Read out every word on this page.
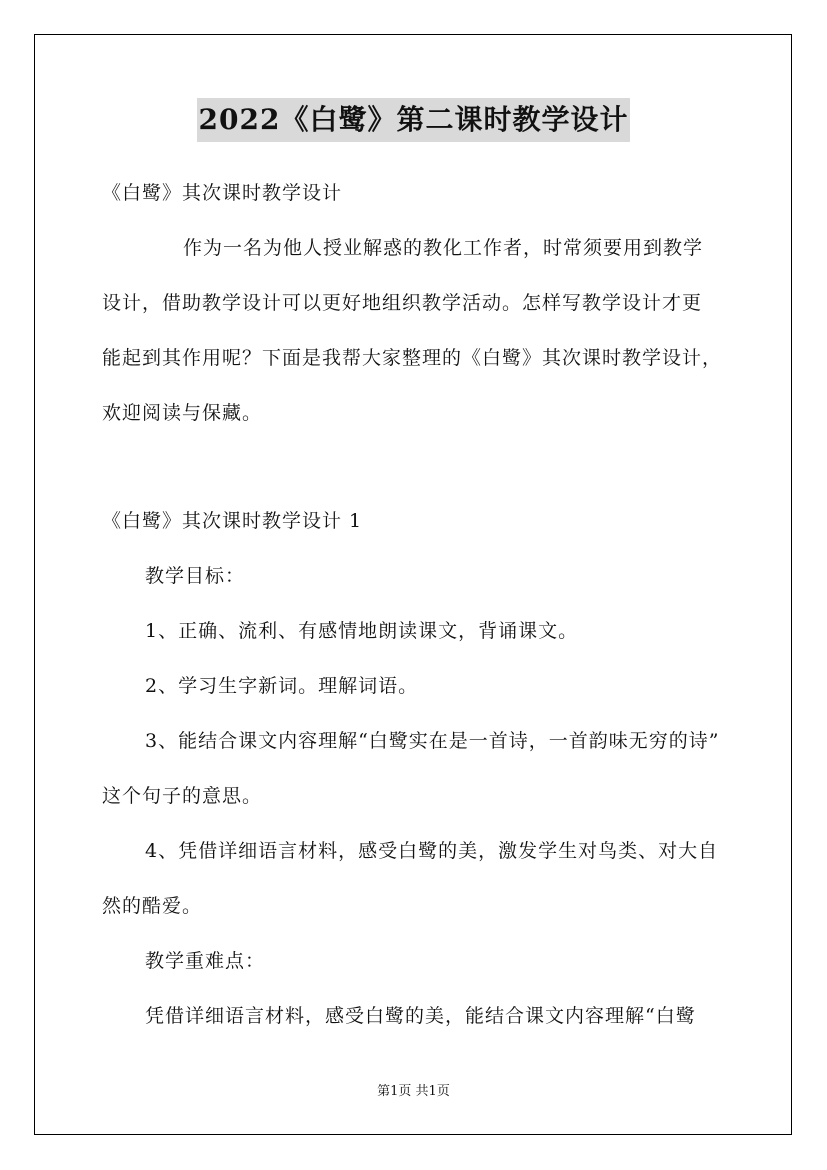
2022《白鹭》第二课时教学设计
《白鹭》其次课时教学设计
作为一名为他人授业解惑的教化工作者，时常须要用到教学
设计，借助教学设计可以更好地组织教学活动。怎样写教学设计才更
能起到其作用呢？下面是我帮大家整理的《白鹭》其次课时教学设计，
欢迎阅读与保藏。
《白鹭》其次课时教学设计 1
教学目标：
1、正确、流利、有感情地朗读课文，背诵课文。
2、学习生字新词。理解词语。
3、能结合课文内容理解“白鹭实在是一首诗，一首韵味无穷的诗”
这个句子的意思。
4、凭借详细语言材料，感受白鹭的美，激发学生对鸟类、对大自
然的酷爱。
教学重难点：
凭借详细语言材料，感受白鹭的美，能结合课文内容理解“白鹭
第1页 共1页
